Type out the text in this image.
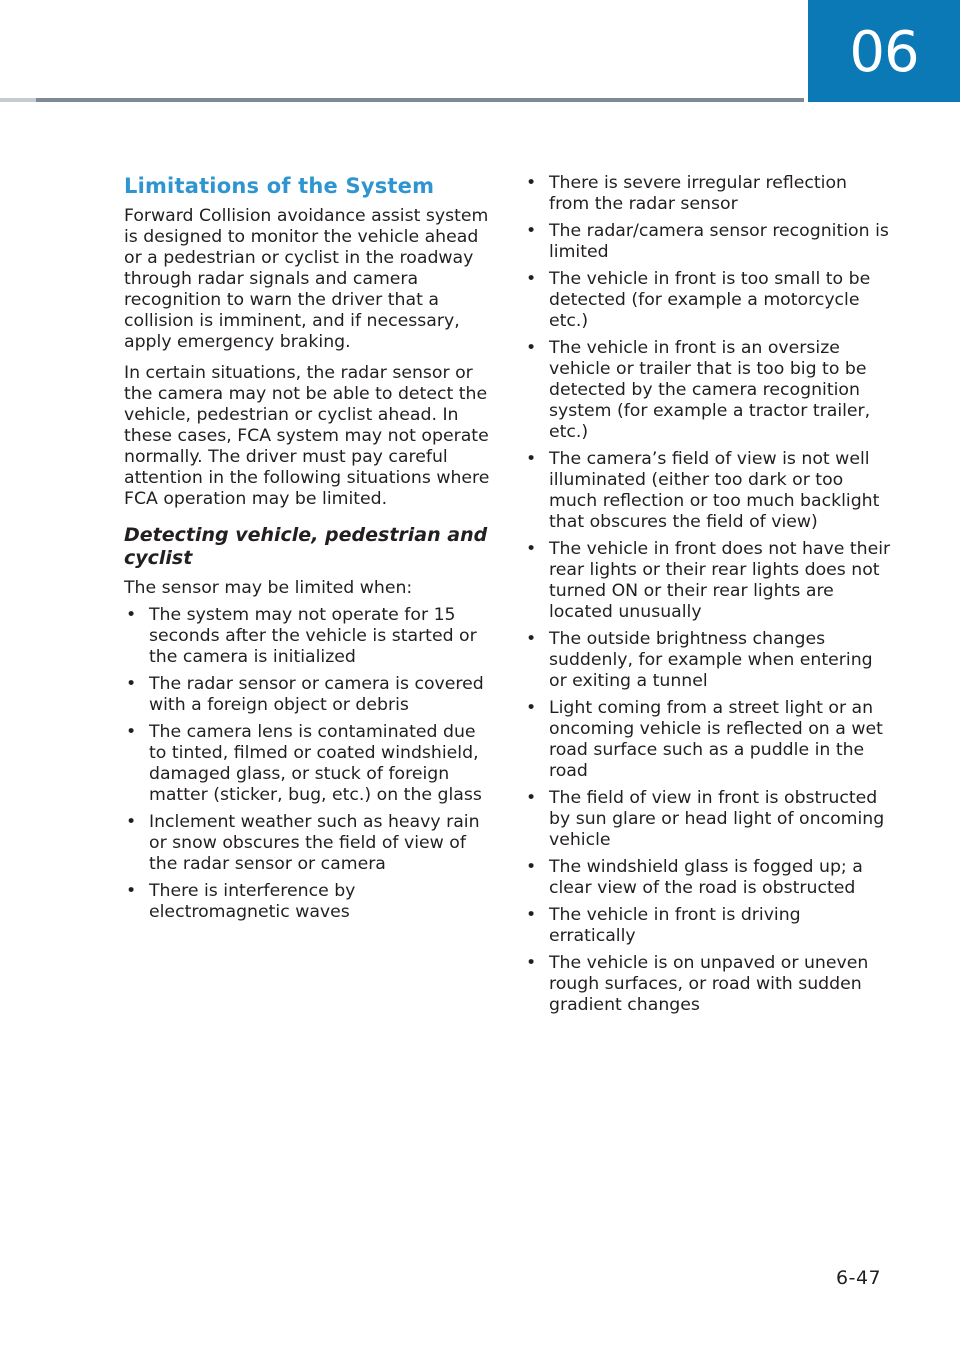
06
Limitations of the System

Forward Collision avoidance assist system is designed to monitor the vehicle ahead or a pedestrian or cyclist in the roadway through radar signals and camera recognition to warn the driver that a collision is imminent, and if necessary, apply emergency braking.

In certain situations, the radar sensor or the camera may not be able to detect the vehicle, pedestrian or cyclist ahead. In these cases, FCA system may not operate normally. The driver must pay careful attention in the following situations where FCA operation may be limited.

Detecting vehicle, pedestrian and cyclist

The sensor may be limited when:

• The system may not operate for 15 seconds after the vehicle is started or the camera is initialized
• The radar sensor or camera is covered with a foreign object or debris
• The camera lens is contaminated due to tinted, filmed or coated windshield, damaged glass, or stuck of foreign matter (sticker, bug, etc.) on the glass
• Inclement weather such as heavy rain or snow obscures the field of view of the radar sensor or camera
• There is interference by electromagnetic waves
• There is severe irregular reflection from the radar sensor
• The radar/camera sensor recognition is limited
• The vehicle in front is too small to be detected (for example a motorcycle etc.)
• The vehicle in front is an oversize vehicle or trailer that is too big to be detected by the camera recognition system (for example a tractor trailer, etc.)
• The camera’s field of view is not well illuminated (either too dark or too much reflection or too much backlight that obscures the field of view)
• The vehicle in front does not have their rear lights or their rear lights does not turned ON or their rear lights are located unusually
• The outside brightness changes suddenly, for example when entering or exiting a tunnel
• Light coming from a street light or an oncoming vehicle is reflected on a wet road surface such as a puddle in the road
• The field of view in front is obstructed by sun glare or head light of oncoming vehicle
• The windshield glass is fogged up; a clear view of the road is obstructed
• The vehicle in front is driving erratically
• The vehicle is on unpaved or uneven rough surfaces, or road with sudden gradient changes
6-47
